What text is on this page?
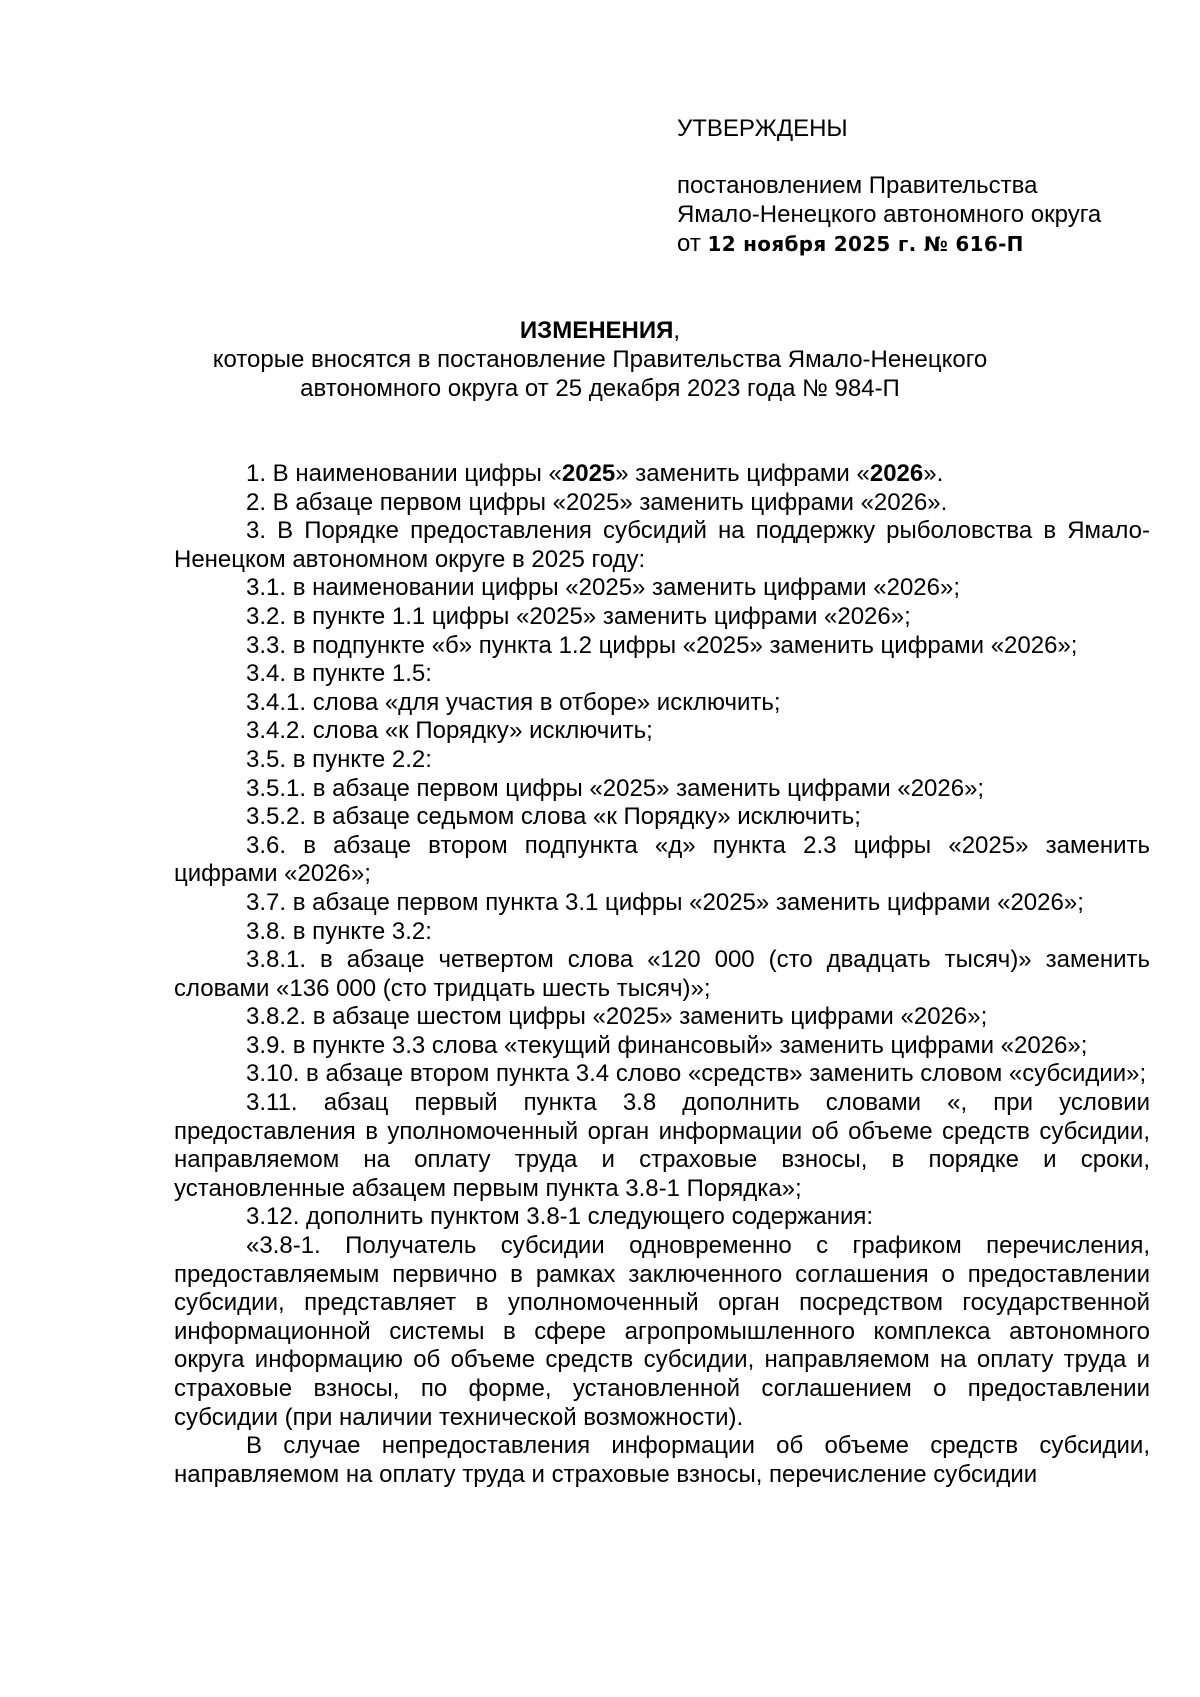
УТВЕРЖДЕНЫ
постановлением Правительства
Ямало-Ненецкого автономного округа
от 12 ноября 2025 г. № 616-П
ИЗМЕНЕНИЯ,
которые вносятся в постановление Правительства Ямало-Ненецкого
автономного округа от 25 декабря 2023 года № 984-П

1. В наименовании цифры «2025» заменить цифрами «2026».

2. В абзаце первом цифры «2025» заменить цифрами «2026».

3. В Порядке предоставления субсидий на поддержку рыболовства в Ямало-Ненецком автономном округе в 2025 году:

3.1. в наименовании цифры «2025» заменить цифрами «2026»;

3.2. в пункте 1.1 цифры «2025» заменить цифрами «2026»;

3.3. в подпункте «б» пункта 1.2 цифры «2025» заменить цифрами «2026»;

3.4. в пункте 1.5:

3.4.1. слова «для участия в отборе» исключить;

3.4.2. слова «к Порядку» исключить;

3.5. в пункте 2.2:

3.5.1. в абзаце первом цифры «2025» заменить цифрами «2026»;

3.5.2. в абзаце седьмом слова «к Порядку» исключить;

3.6. в абзаце втором подпункта «д» пункта 2.3 цифры «2025» заменить цифрами «2026»;

3.7. в абзаце первом пункта 3.1 цифры «2025» заменить цифрами «2026»;

3.8. в пункте 3.2:

3.8.1. в абзаце четвертом слова «120 000 (сто двадцать тысяч)» заменить словами «136 000 (сто тридцать шесть тысяч)»;

3.8.2. в абзаце шестом цифры «2025» заменить цифрами «2026»;

3.9. в пункте 3.3 слова «текущий финансовый» заменить цифрами «2026»;

3.10. в абзаце втором пункта 3.4 слово «средств» заменить словом «субсидии»;

3.11. абзац первый пункта 3.8 дополнить словами «, при условии предоставления в уполномоченный орган информации об объеме средств субсидии, направляемом на оплату труда и страховые взносы, в порядке и сроки, установленные абзацем первым пункта 3.8-1 Порядка»;

3.12. дополнить пунктом 3.8-1 следующего содержания:

«3.8-1. Получатель субсидии одновременно с графиком перечисления, предоставляемым первично в рамках заключенного соглашения о предоставлении субсидии, представляет в уполномоченный орган посредством государственной информационной системы в сфере агропромышленного комплекса автономного округа информацию об объеме средств субсидии, направляемом на оплату труда и страховые взносы, по форме, установленной соглашением о предоставлении субсидии (при наличии технической возможности).

В случае непредоставления информации об объеме средств субсидии, направляемом на оплату труда и страховые взносы, перечисление субсидии
